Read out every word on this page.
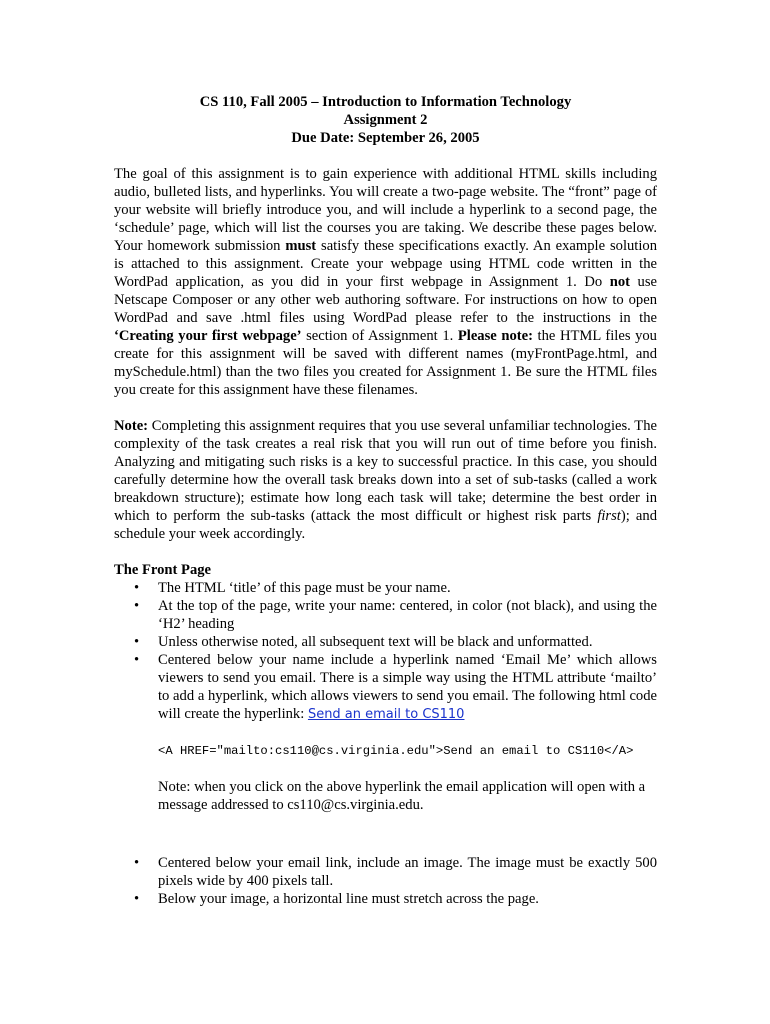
CS 110, Fall 2005 – Introduction to Information Technology
Assignment 2
Due Date: September 26, 2005

The goal of this assignment is to gain experience with additional HTML skills including audio, bulleted lists, and hyperlinks. You will create a two-page website. The “front” page of your website will briefly introduce you, and will include a hyperlink to a second page, the ‘schedule’ page, which will list the courses you are taking. We describe these pages below. Your homework submission must satisfy these specifications exactly. An example solution is attached to this assignment. Create your webpage using HTML code written in the WordPad application, as you did in your first webpage in Assignment 1. Do not use Netscape Composer or any other web authoring software. For instructions on how to open WordPad and save .html files using WordPad please refer to the instructions in the ‘Creating your first webpage’ section of Assignment 1. Please note: the HTML files you create for this assignment will be saved with different names (myFrontPage.html, and mySchedule.html) than the two files you created for Assignment 1. Be sure the HTML files you create for this assignment have these filenames.

Note: Completing this assignment requires that you use several unfamiliar technologies. The complexity of the task creates a real risk that you will run out of time before you finish. Analyzing and mitigating such risks is a key to successful practice. In this case, you should carefully determine how the overall task breaks down into a set of sub-tasks (called a work breakdown structure); estimate how long each task will take; determine the best order in which to perform the sub-tasks (attack the most difficult or highest risk parts first); and schedule your week accordingly.

The Front Page
• The HTML ‘title’ of this page must be your name.
• At the top of the page, write your name: centered, in color (not black), and using the ‘H2’ heading
• Unless otherwise noted, all subsequent text will be black and unformatted.
• Centered below your name include a hyperlink named ‘Email Me’ which allows viewers to send you email. There is a simple way using the HTML attribute ‘mailto’ to add a hyperlink, which allows viewers to send you email. The following html code will create the hyperlink: Send an email to CS110
<A HREF="mailto:cs110@cs.virginia.edu">Send an email to CS110</A>
Note: when you click on the above hyperlink the email application will open with a message addressed to cs110@cs.virginia.edu.
• Centered below your email link, include an image. The image must be exactly 500 pixels wide by 400 pixels tall.
• Below your image, a horizontal line must stretch across the page.
